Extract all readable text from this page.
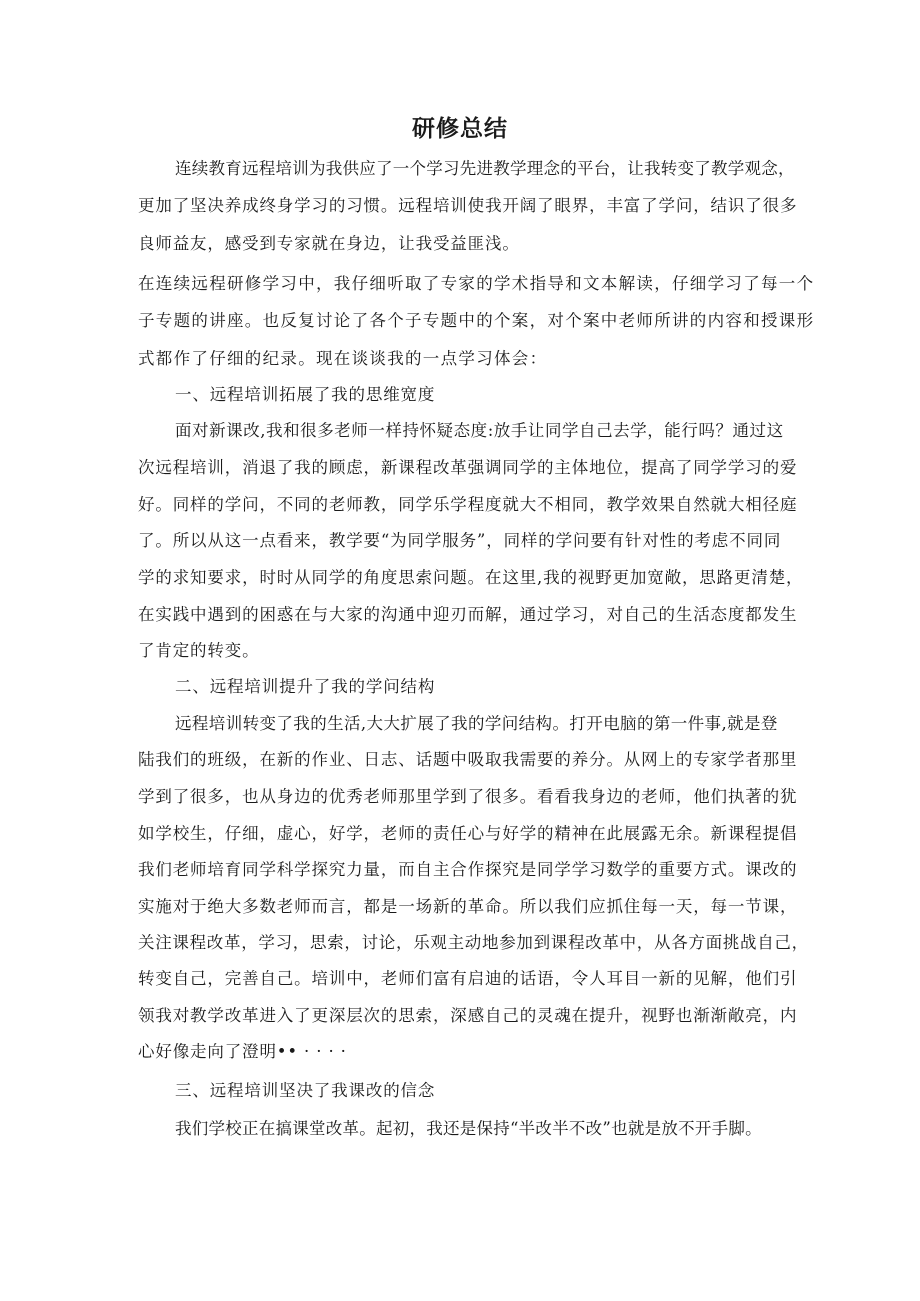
研修总结
连续教育远程培训为我供应了一个学习先进教学理念的平台，让我转变了教学观念，
更加了坚决养成终身学习的习惯。远程培训使我开阔了眼界，丰富了学问，结识了很多
良师益友，感受到专家就在身边，让我受益匪浅。
在连续远程研修学习中，我仔细听取了专家的学术指导和文本解读，仔细学习了每一个
子专题的讲座。也反复讨论了各个子专题中的个案，对个案中老师所讲的内容和授课形
式都作了仔细的纪录。现在谈谈我的一点学习体会：
一、远程培训拓展了我的思维宽度
面对新课改,我和很多老师一样持怀疑态度:放手让同学自己去学，能行吗？通过这
次远程培训，消退了我的顾虑，新课程改革强调同学的主体地位，提高了同学学习的爱
好。同样的学问，不同的老师教，同学乐学程度就大不相同，教学效果自然就大相径庭
了。所以从这一点看来，教学要“为同学服务”，同样的学问要有针对性的考虑不同同
学的求知要求，时时从同学的角度思索问题。在这里,我的视野更加宽敞，思路更清楚，
在实践中遇到的困惑在与大家的沟通中迎刃而解，通过学习，对自己的生活态度都发生
了肯定的转变。
二、远程培训提升了我的学问结构
远程培训转变了我的生活,大大扩展了我的学问结构。打开电脑的第一件事,就是登
陆我们的班级，在新的作业、日志、话题中吸取我需要的养分。从网上的专家学者那里
学到了很多，也从身边的优秀老师那里学到了很多。看看我身边的老师，他们执著的犹
如学校生，仔细，虚心，好学，老师的责任心与好学的精神在此展露无余。新课程提倡
我们老师培育同学科学探究力量，而自主合作探究是同学学习数学的重要方式。课改的
实施对于绝大多数老师而言，都是一场新的革命。所以我们应抓住每一天，每一节课，
关注课程改革，学习，思索，讨论，乐观主动地参加到课程改革中，从各方面挑战自己，
转变自己，完善自己。培训中，老师们富有启迪的话语，令人耳目一新的见解，他们引
领我对教学改革进入了更深层次的思索，深感自己的灵魂在提升，视野也渐渐敞亮，内
心好像走向了澄明•• · · · ·
三、远程培训坚决了我课改的信念
我们学校正在搞课堂改革。起初，我还是保持“半改半不改”也就是放不开手脚。
